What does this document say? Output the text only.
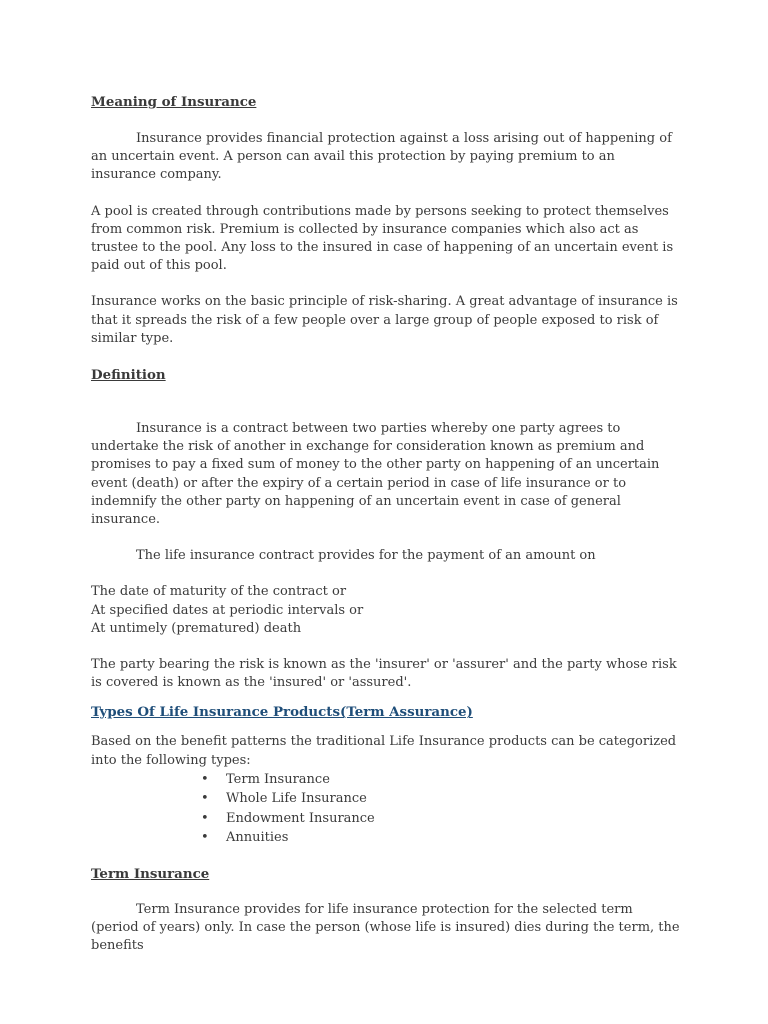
Meaning of Insurance

Insurance provides financial protection against a loss arising out of happening of an uncertain event. A person can avail this protection by paying premium to an insurance company.

A pool is created through contributions made by persons seeking to protect themselves from common risk. Premium is collected by insurance companies which also act as trustee to the pool. Any loss to the insured in case of happening of an uncertain event is paid out of this pool.

Insurance works on the basic principle of risk-sharing. A great advantage of insurance is that it spreads the risk of a few people over a large group of people exposed to risk of similar type.

Definition

Insurance is a contract between two parties whereby one party agrees to undertake the risk of another in exchange for consideration known as premium and promises to pay a fixed sum of money to the other party on happening of an uncertain event (death) or after the expiry of a certain period in case of life insurance or to indemnify the other party on happening of an uncertain event in case of general insurance.

The life insurance contract provides for the payment of an amount on

The date of maturity of the contract or

At specified dates at periodic intervals or

At untimely (prematured) death

The party bearing the risk is known as the 'insurer' or 'assurer' and the party whose risk is covered is known as the 'insured' or 'assured'.

Types Of Life Insurance Products(Term Assurance)

Based on the benefit patterns the traditional Life Insurance products can be categorized into the following types:

• Term Insurance
• Whole Life Insurance
• Endowment Insurance
• Annuities
Term Insurance

Term Insurance provides for life insurance protection for the selected term (period of years) only. In case the person (whose life is insured) dies during the term, the benefits
